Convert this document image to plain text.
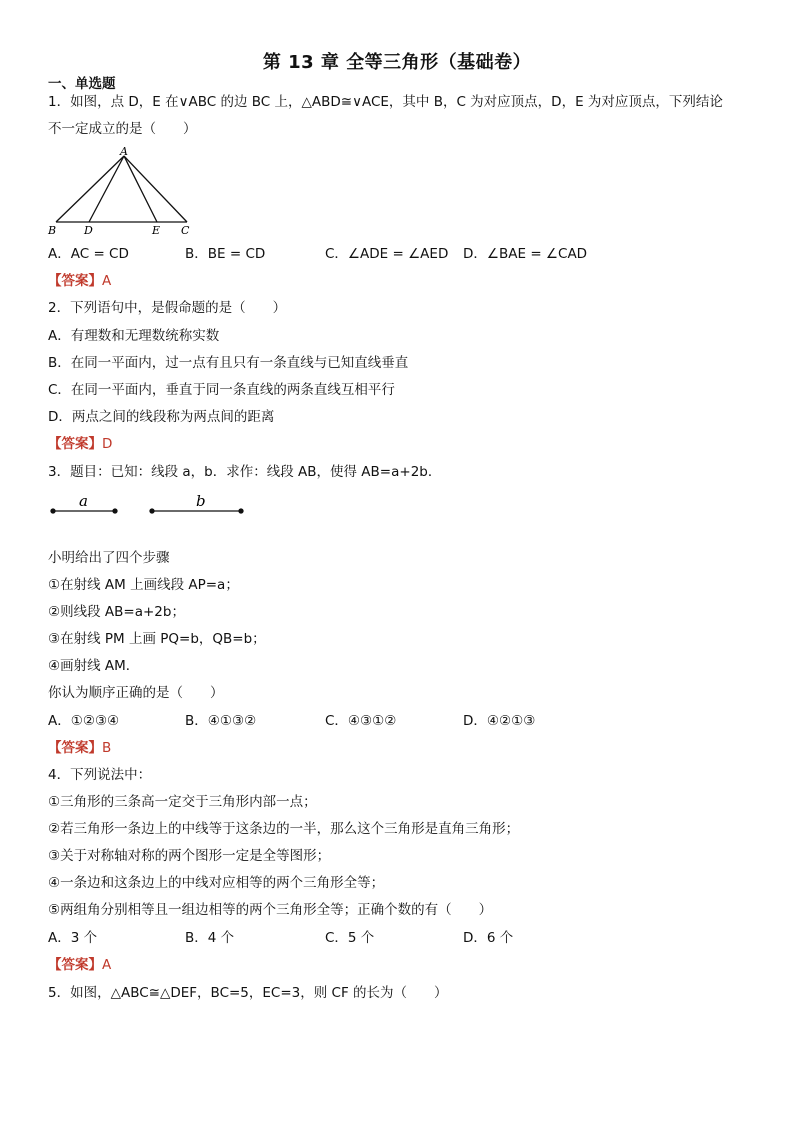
第 13 章 全等三角形（基础卷）
一、单选题
1．如图，点 D，E 在∨ABC 的边 BC 上，△ABD≅∨ACE，其中 B，C 为对应顶点，D，E 为对应顶点，下列结论
不一定成立的是（　　）
A
B	D	E C
A．AC = CD	B．BE = CD	C．∠ADE = ∠AED D．∠BAE = ∠CAD
【答案】A
2．下列语句中，是假命题的是（　　）
A．有理数和无理数统称实数
B．在同一平面内，过一点有且只有一条直线与已知直线垂直
C．在同一平面内，垂直于同一条直线的两条直线互相平行
D．两点之间的线段称为两点间的距离
【答案】D
3．题目：已知：线段 a，b．求作：线段 AB，使得 AB=a+2b．
a	b
小明给出了四个步骤
①在射线 AM 上画线段 AP=a；
②则线段 AB=a+2b；
③在射线 PM 上画 PQ=b，QB=b；
④画射线 AM．
你认为顺序正确的是（　　）
A．①②③④	B．④①③②	C．④③①②	D．④②①③
【答案】B
4．下列说法中：
①三角形的三条高一定交于三角形内部一点；
②若三角形一条边上的中线等于这条边的一半，那么这个三角形是直角三角形；
③关于对称轴对称的两个图形一定是全等图形；
④一条边和这条边上的中线对应相等的两个三角形全等；
⑤两组角分别相等且一组边相等的两个三角形全等；正确个数的有（　　）
A．3 个	B．4 个	C．5 个	D．6 个
【答案】A
5．如图，△ABC≅△DEF，BC=5，EC=3，则 CF 的长为（　　）
